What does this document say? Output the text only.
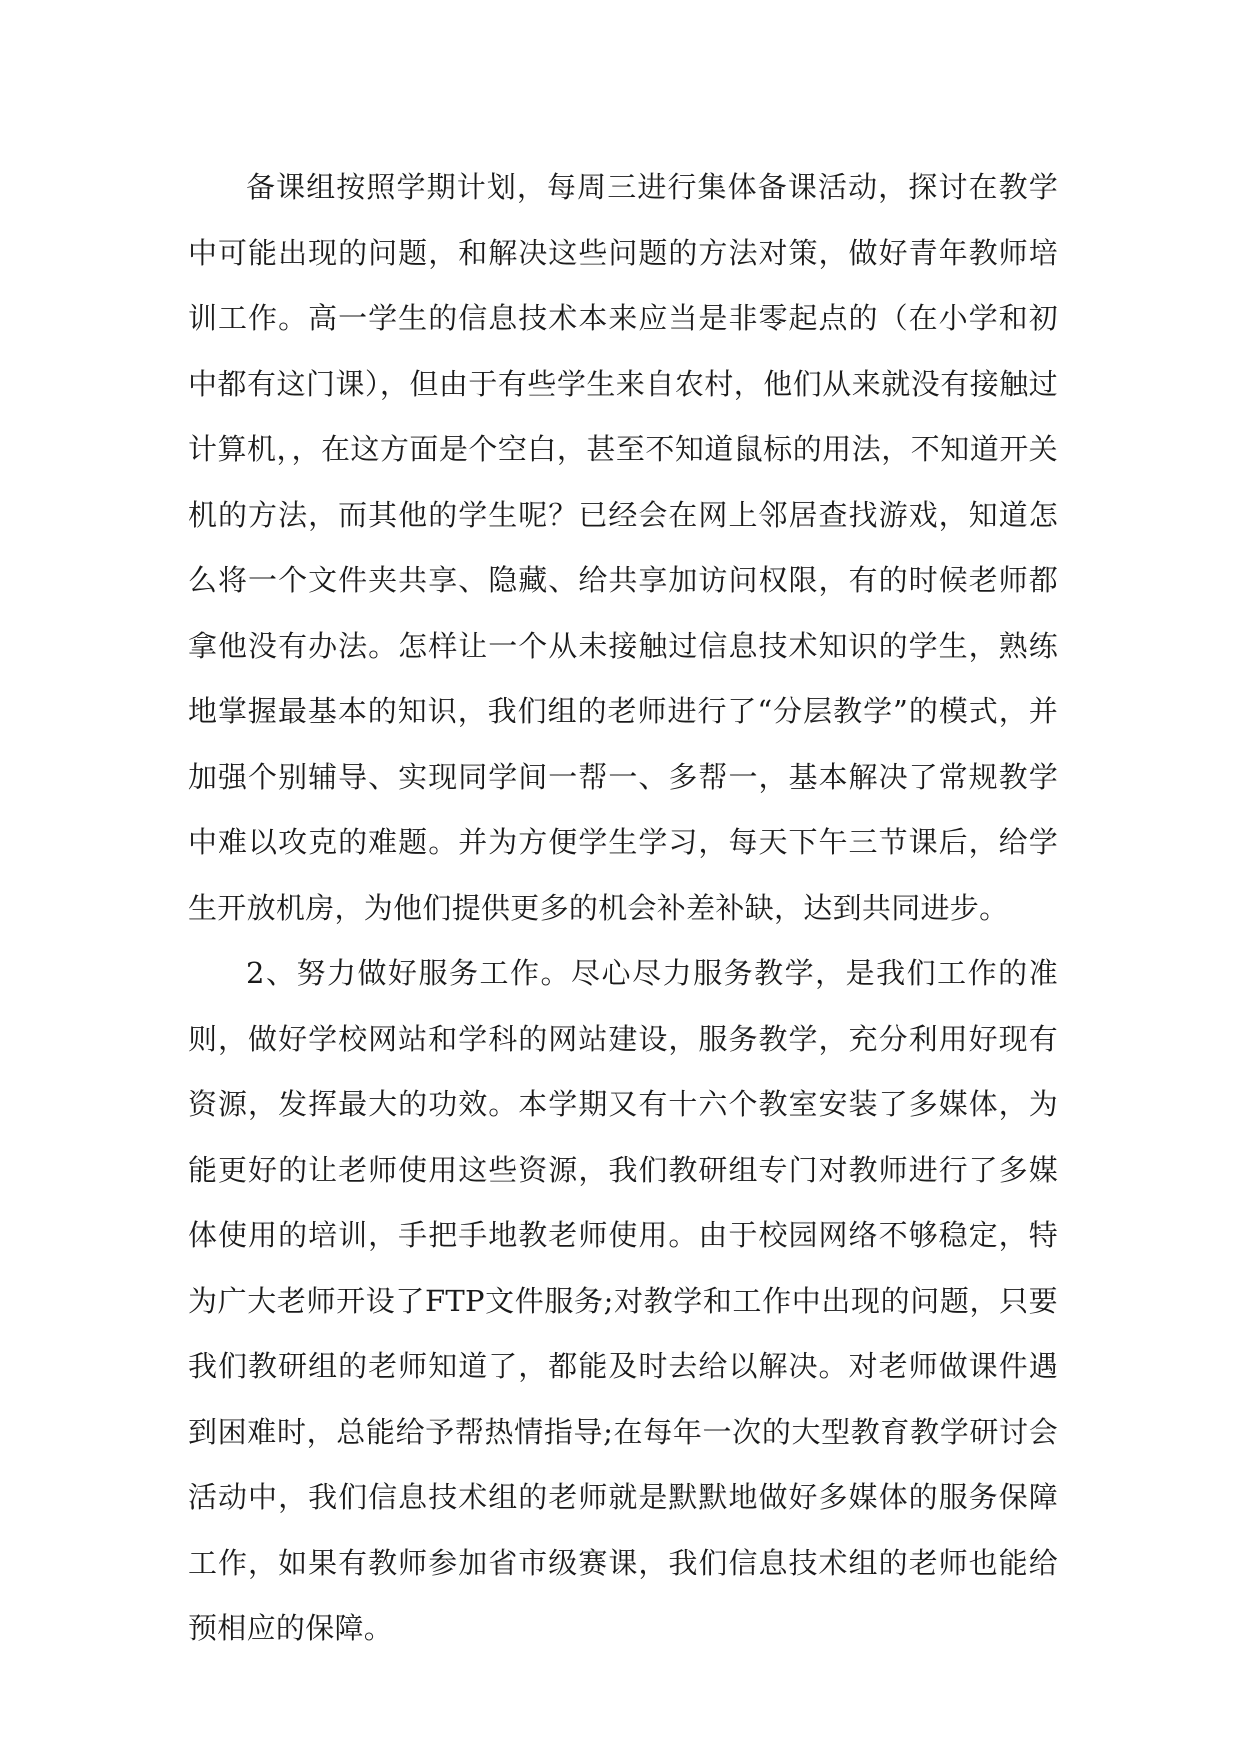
备课组按照学期计划，每周三进行集体备课活动，探讨在教学中可能出现的问题，和解决这些问题的方法对策，做好青年教师培训工作。高一学生的信息技术本来应当是非零起点的（在小学和初中都有这门课），但由于有些学生来自农村，他们从来就没有接触过计算机，，在这方面是个空白，甚至不知道鼠标的用法，不知道开关机的方法，而其他的学生呢？已经会在网上邻居查找游戏，知道怎么将一个文件夹共享、隐藏、给共享加访问权限，有的时候老师都拿他没有办法。怎样让一个从未接触过信息技术知识的学生，熟练地掌握最基本的知识，我们组的老师进行了“分层教学”的模式，并加强个别辅导、实现同学间一帮一、多帮一，基本解决了常规教学中难以攻克的难题。并为方便学生学习，每天下午三节课后，给学生开放机房，为他们提供更多的机会补差补缺，达到共同进步。

2、努力做好服务工作。尽心尽力服务教学，是我们工作的准则，做好学校网站和学科的网站建设，服务教学，充分利用好现有资源，发挥最大的功效。本学期又有十六个教室安装了多媒体，为能更好的让老师使用这些资源，我们教研组专门对教师进行了多媒体使用的培训，手把手地教老师使用。由于校园网络不够稳定，特为广大老师开设了FTP文件服务;对教学和工作中出现的问题，只要我们教研组的老师知道了，都能及时去给以解决。对老师做课件遇到困难时，总能给予帮热情指导;在每年一次的大型教育教学研讨会活动中，我们信息技术组的老师就是默默地做好多媒体的服务保障工作，如果有教师参加省市级赛课，我们信息技术组的老师也能给预相应的保障。
